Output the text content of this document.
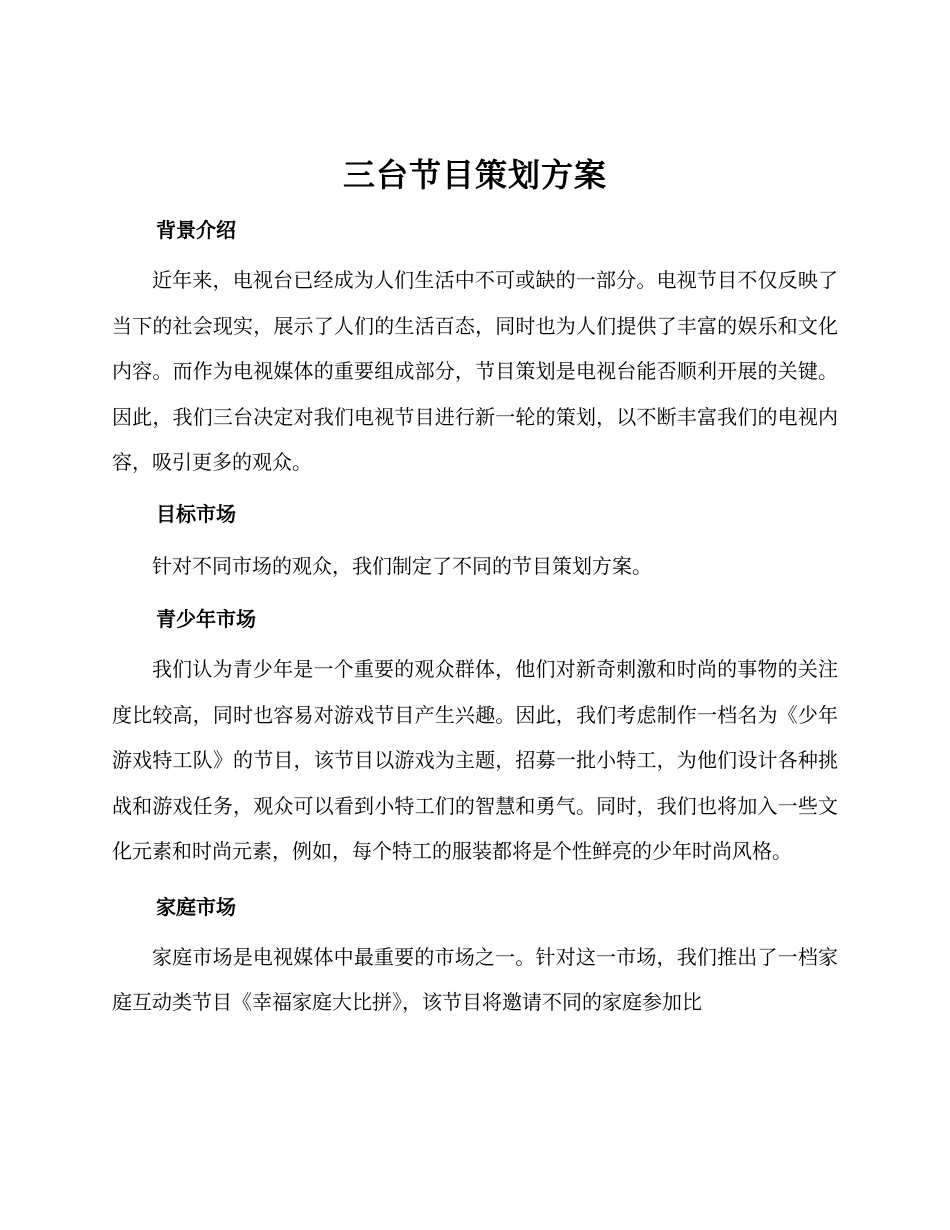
三台节目策划方案
背景介绍

近年来，电视台已经成为人们生活中不可或缺的一部分。电视节目不仅反映了当下的社会现实，展示了人们的生活百态，同时也为人们提供了丰富的娱乐和文化内容。而作为电视媒体的重要组成部分，节目策划是电视台能否顺利开展的关键。因此，我们三台决定对我们电视节目进行新一轮的策划，以不断丰富我们的电视内容，吸引更多的观众。

目标市场

针对不同市场的观众，我们制定了不同的节目策划方案。

青少年市场

我们认为青少年是一个重要的观众群体，他们对新奇刺激和时尚的事物的关注度比较高，同时也容易对游戏节目产生兴趣。因此，我们考虑制作一档名为《少年游戏特工队》的节目，该节目以游戏为主题，招募一批小特工，为他们设计各种挑战和游戏任务，观众可以看到小特工们的智慧和勇气。同时，我们也将加入一些文化元素和时尚元素，例如，每个特工的服装都将是个性鲜亮的少年时尚风格。

家庭市场

家庭市场是电视媒体中最重要的市场之一。针对这一市场，我们推出了一档家庭互动类节目《幸福家庭大比拼》，该节目将邀请不同的家庭参加比
